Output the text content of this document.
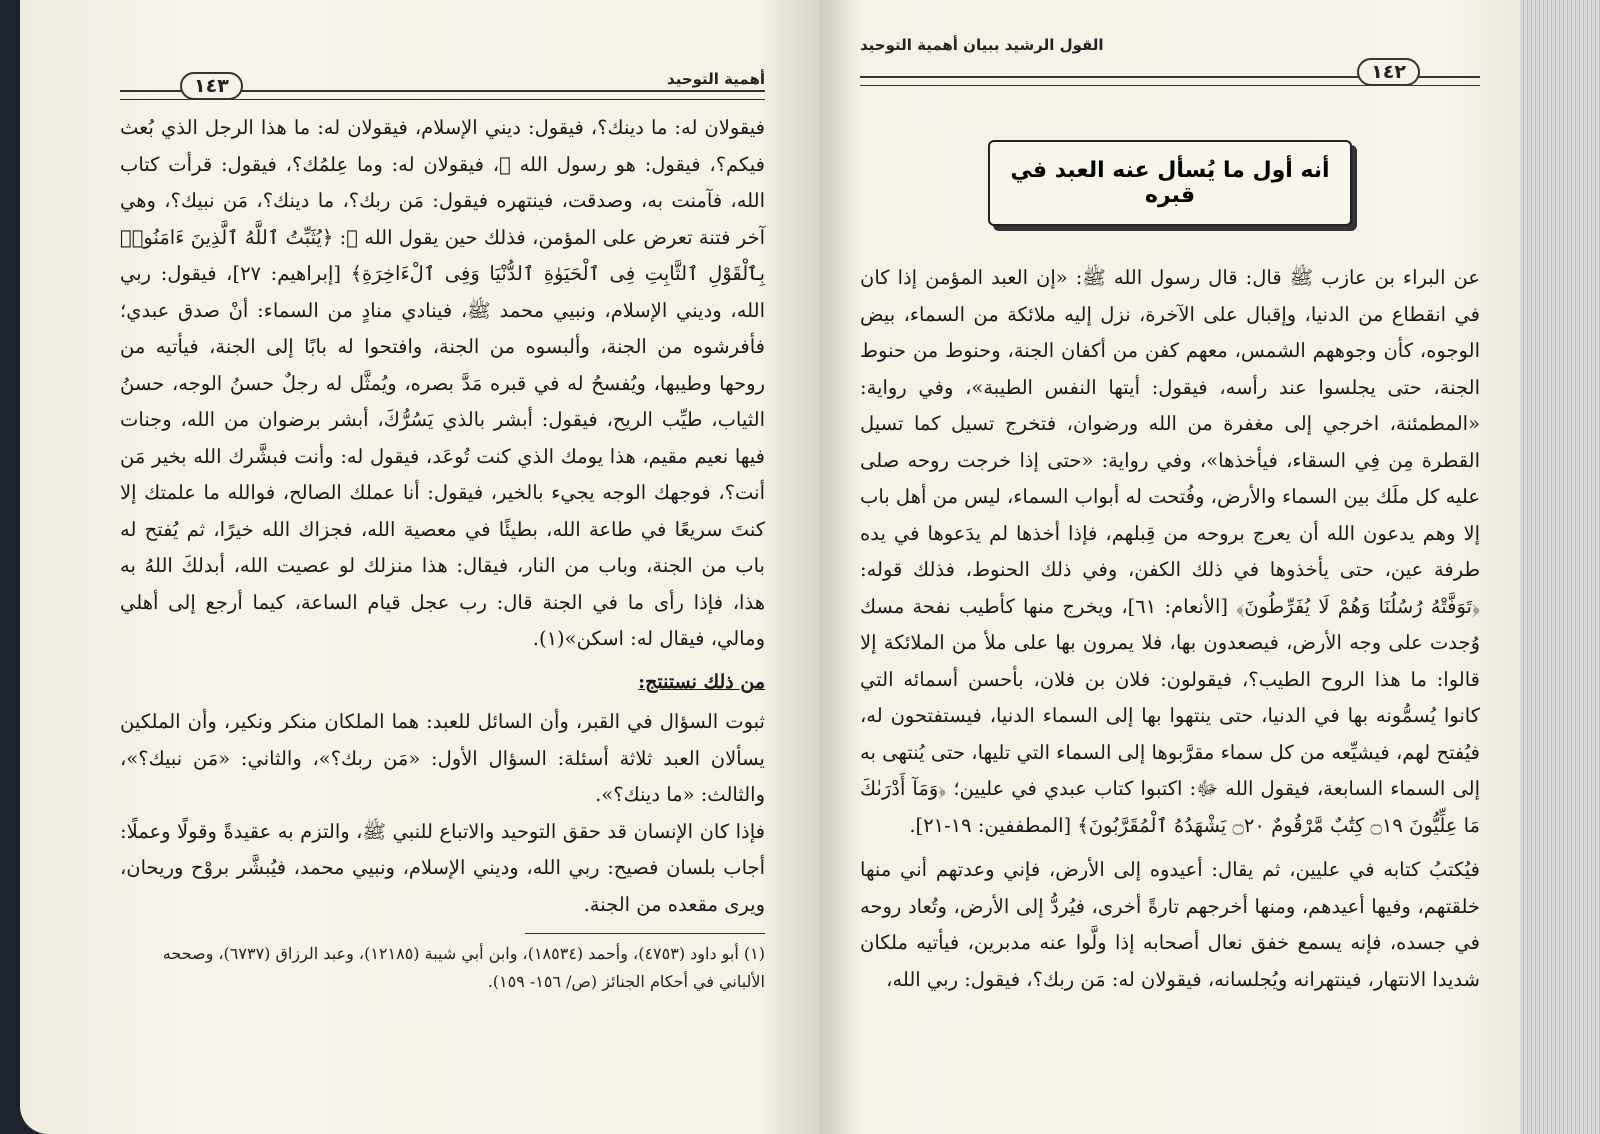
أهمية التوحيد
١٤٣

فيقولان له: ما دينك؟، فيقول: ديني الإسلام، فيقولان له: ما هذا الرجل الذي بُعث فيكم؟، فيقول: هو رسول الله ﷺ، فيقولان له: وما عِلمُك؟، فيقول: قرأت كتاب الله، فآمنت به، وصدقت، فينتهره فيقول: مَن ربك؟، ما دينك؟، مَن نبيك؟، وهي آخر فتنة تعرض على المؤمن، فذلك حين يقول الله ﷻ: ﴿يُثَبِّتُ ٱللَّهُ ٱلَّذِينَ ءَامَنُوا۟ بِٱلْقَوْلِ ٱلثَّابِتِ فِى ٱلْحَيَوٰةِ ٱلدُّنْيَا وَفِى ٱلْءَاخِرَةِ﴾ [إبراهيم: ٢٧]، فيقول: ربي الله، وديني الإسلام، ونبيي محمد ﷺ، فينادي منادٍ من السماء: أنْ صدق عبدي؛ فأفرشوه من الجنة، وألبسوه من الجنة، وافتحوا له بابًا إلى الجنة، فيأتيه من روحها وطيبها، ويُفسحُ له في قبره مَدَّ بصره، ويُمثَّل له رجلٌ حسنُ الوجه، حسنُ الثياب، طيِّب الريح، فيقول: أبشر بالذي يَسُرُّكَ، أبشر برضوان من الله، وجنات فيها نعيم مقيم، هذا يومك الذي كنت تُوعَد، فيقول له: وأنت فبشَّرك الله بخير مَن أنت؟، فوجهك الوجه يجيء بالخير، فيقول: أنا عملك الصالح، فوالله ما علمتك إلا كنتَ سريعًا في طاعة الله، بطيئًا في معصية الله، فجزاك الله خيرًا، ثم يُفتح له باب من الجنة، وباب من النار، فيقال: هذا منزلك لو عصيت الله، أبدلكَ اللهُ به هذا، فإذا رأى ما في الجنة قال: رب عجل قيام الساعة، كيما أرجع إلى أهلي ومالي، فيقال له: اسكن»(١).

من ذلك نستنتج:

ثبوت السؤال في القبر، وأن السائل للعبد: هما الملكان منكر ونكير، وأن الملكين يسألان العبد ثلاثة أسئلة: السؤال الأول: «مَن ربك؟»، والثاني: «مَن نبيك؟»، والثالث: «ما دينك؟».

فإذا كان الإنسان قد حقق التوحيد والاتباع للنبي ﷺ، والتزم به عقيدةً وقولًا وعملًا: أجاب بلسان فصيح: ربي الله، وديني الإسلام، ونبيي محمد، فيُبشَّر بروْح وريحان، ويرى مقعده من الجنة.

(١) أبو داود (٤٧٥٣)، وأحمد (١٨٥٣٤)، وابن أبي شيبة (١٢١٨٥)، وعبد الرزاق (٦٧٣٧)، وصححه الألباني في أحكام الجنائز (ص/ ١٥٦- ١٥٩).
القول الرشيد ببيان أهمية التوحيد
١٤٢
أنه أول ما يُسأل عنه العبد في قبره

عن البراء بن عازب ﷺ قال: قال رسول الله ﷺ: «إن العبد المؤمن إذا كان في انقطاع من الدنيا، وإقبال على الآخرة، نزل إليه ملائكة من السماء، بيض الوجوه، كأن وجوههم الشمس، معهم كفن من أكفان الجنة، وحنوط من حنوط الجنة، حتى يجلسوا عند رأسه، فيقول: أيتها النفس الطيبة»، وفي رواية: «المطمئنة، اخرجي إلى مغفرة من الله ورضوان، فتخرج تسيل كما تسيل القطرة مِن فِي السقاء، فيأخذها»، وفي رواية: «حتى إذا خرجت روحه صلى عليه كل ملَك بين السماء والأرض، وفُتحت له أبواب السماء، ليس من أهل باب إلا وهم يدعون الله أن يعرج بروحه من قِبلهم، فإذا أخذها لم يدَعوها في يده طرفة عين، حتى يأخذوها في ذلك الكفن، وفي ذلك الحنوط، فذلك قوله: ﴿تَوَفَّتْهُ رُسُلُنَا وَهُمْ لَا يُفَرِّطُونَ﴾ [الأنعام: ٦١]، ويخرج منها كأطيب نفحة مسك وُجدت على وجه الأرض، فيصعدون بها، فلا يمرون بها على ملأ من الملائكة إلا قالوا: ما هذا الروح الطيب؟، فيقولون: فلان بن فلان، بأحسن أسمائه التي كانوا يُسمُّونه بها في الدنيا، حتى ينتهوا بها إلى السماء الدنيا، فيستفتحون له، فيُفتح لهم، فيشيِّعه من كل سماء مقرَّبوها إلى السماء التي تليها، حتى يُنتهى به إلى السماء السابعة، فيقول الله ﷻ: اكتبوا كتاب عبدي في عليين؛ ﴿وَمَآ أَدْرَىٰكَ مَا عِلِّيُّونَ ۝١٩ كِتَٰبٌ مَّرْقُومٌ ۝٢٠ يَشْهَدُهُ ٱلْمُقَرَّبُونَ﴾ [المطففين: ١٩-٢١].

فيُكتبُ كتابه في عليين، ثم يقال: أعيدوه إلى الأرض، فإني وعدتهم أني منها خلقتهم، وفيها أعيدهم، ومنها أخرجهم تارةً أخرى، فيُردُّ إلى الأرض، وتُعاد روحه في جسده، فإنه يسمع خفق نعال أصحابه إذا ولَّوا عنه مدبرين، فيأتيه ملكان شديدا الانتهار، فينتهرانه ويُجلسانه، فيقولان له: مَن ربك؟، فيقول: ربي الله،
